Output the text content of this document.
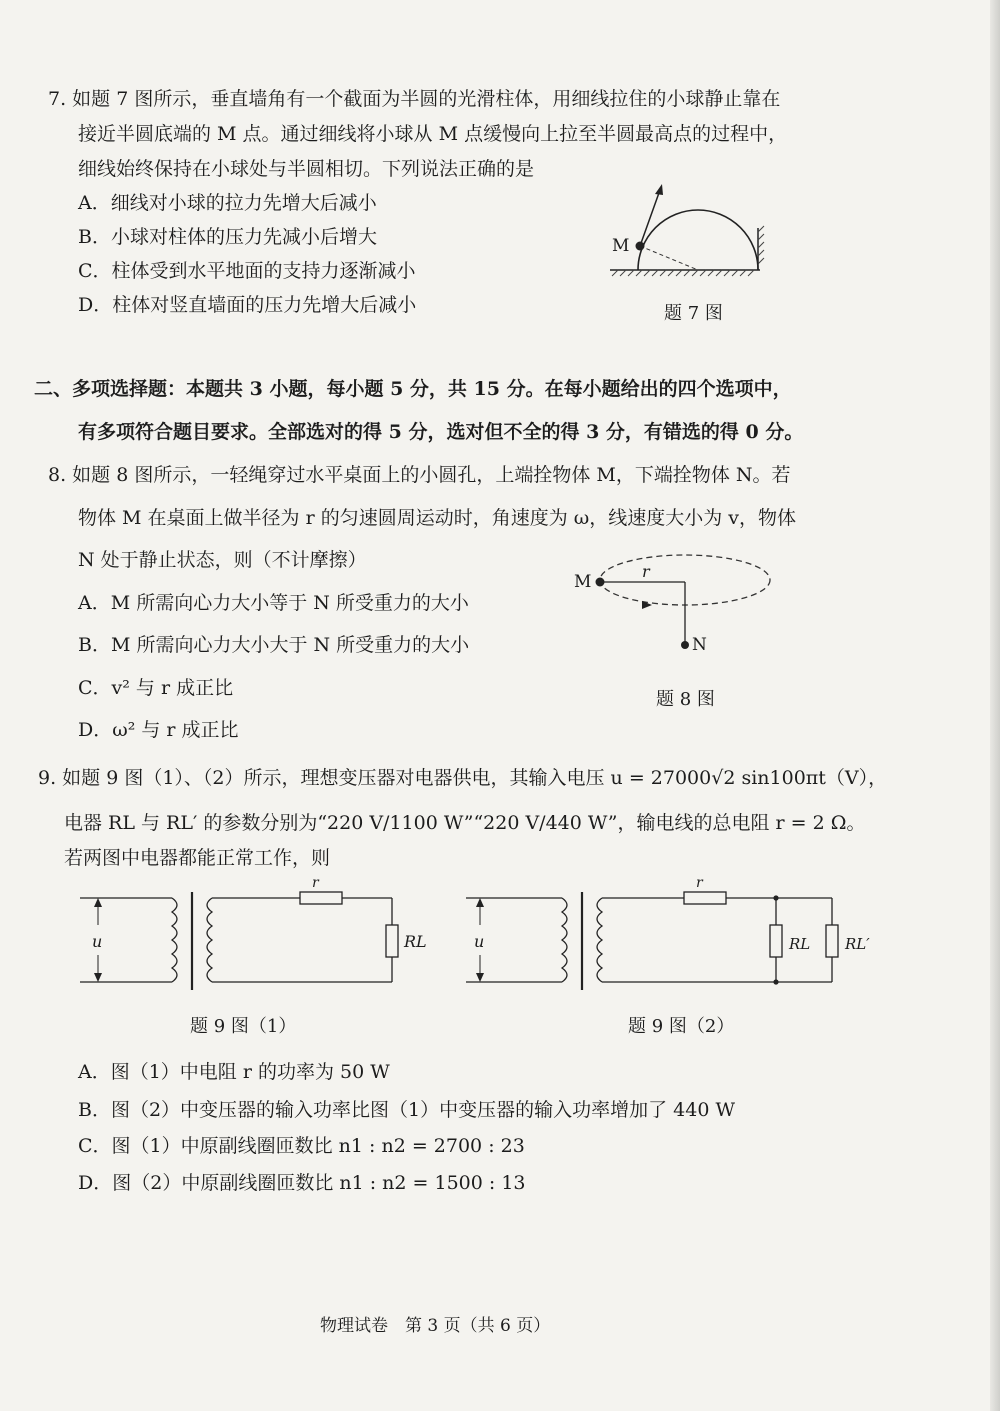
7. 如题 7 图所示，垂直墙角有一个截面为半圆的光滑柱体，用细线拉住的小球静止靠在
接近半圆底端的 M 点。通过细线将小球从 M 点缓慢向上拉至半圆最高点的过程中，
细线始终保持在小球处与半圆相切。下列说法正确的是
A．细线对小球的拉力先增大后减小
B．小球对柱体的压力先减小后增大
C．柱体受到水平地面的支持力逐渐减小
D．柱体对竖直墙面的压力先增大后减小
M
题 7 图
二、多项选择题：本题共 3 小题，每小题 5 分，共 15 分。在每小题给出的四个选项中，
有多项符合题目要求。全部选对的得 5 分，选对但不全的得 3 分，有错选的得 0 分。
8. 如题 8 图所示，一轻绳穿过水平桌面上的小圆孔，上端拴物体 M，下端拴物体 N。若
物体 M 在桌面上做半径为 r 的匀速圆周运动时，角速度为 ω，线速度大小为 v，物体
N 处于静止状态，则（不计摩擦）
A．M 所需向心力大小等于 N 所受重力的大小
B．M 所需向心力大小大于 N 所受重力的大小
C．v² 与 r 成正比
D．ω² 与 r 成正比
M
r
N
题 8 图
9. 如题 9 图（1）、（2）所示，理想变压器对电器供电，其输入电压 u = 27000√2 sin100πt（V），
电器 RL 与 RL′ 的参数分别为“220 V/1100 W”“220 V/440 W”，输电线的总电阻 r = 2 Ω。
若两图中电器都能正常工作，则
u
r
RL
题 9 图（1）
u
r
RL RL′
题 9 图（2）
A．图（1）中电阻 r 的功率为 50 W
B．图（2）中变压器的输入功率比图（1）中变压器的输入功率增加了 440 W
C．图（1）中原副线圈匝数比 n1 : n2 = 2700 : 23
D．图（2）中原副线圈匝数比 n1 : n2 = 1500 : 13
物理试卷　第 3 页（共 6 页）
